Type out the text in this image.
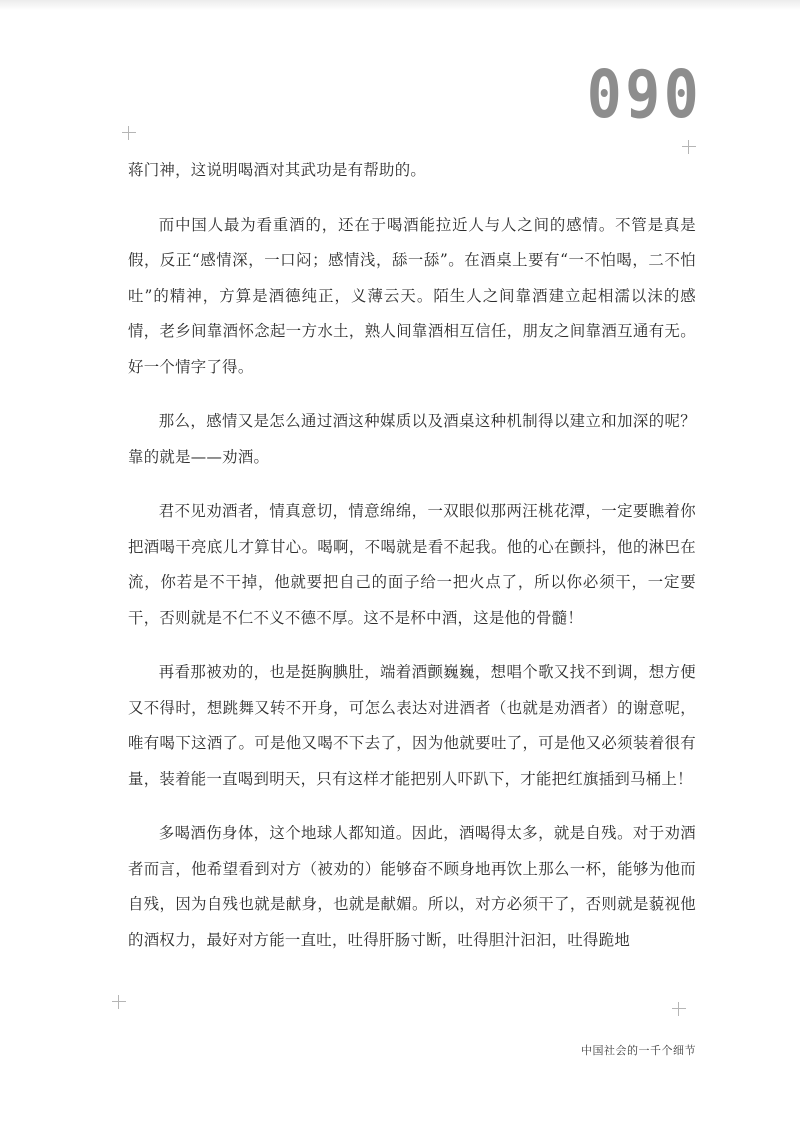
090

蒋门神，这说明喝酒对其武功是有帮助的。

而中国人最为看重酒的，还在于喝酒能拉近人与人之间的感情。不管是真是假，反正“感情深，一口闷；感情浅，舔一舔”。在酒桌上要有“一不怕喝，二不怕吐”的精神，方算是酒德纯正，义薄云天。陌生人之间靠酒建立起相濡以沫的感情，老乡间靠酒怀念起一方水土，熟人间靠酒相互信任，朋友之间靠酒互通有无。好一个情字了得。

那么，感情又是怎么通过酒这种媒质以及酒桌这种机制得以建立和加深的呢？靠的就是——劝酒。

君不见劝酒者，情真意切，情意绵绵，一双眼似那两汪桃花潭，一定要瞧着你把酒喝干亮底儿才算甘心。喝啊，不喝就是看不起我。他的心在颤抖，他的淋巴在流，你若是不干掉，他就要把自己的面子给一把火点了，所以你必须干，一定要干，否则就是不仁不义不德不厚。这不是杯中酒，这是他的骨髓！

再看那被劝的，也是挺胸腆肚，端着酒颤巍巍，想唱个歌又找不到调，想方便又不得时，想跳舞又转不开身，可怎么表达对进酒者（也就是劝酒者）的谢意呢，唯有喝下这酒了。可是他又喝不下去了，因为他就要吐了，可是他又必须装着很有量，装着能一直喝到明天，只有这样才能把别人吓趴下，才能把红旗插到马桶上！

多喝酒伤身体，这个地球人都知道。因此，酒喝得太多，就是自残。对于劝酒者而言，他希望看到对方（被劝的）能够奋不顾身地再饮上那么一杯，能够为他而自残，因为自残也就是献身，也就是献媚。所以，对方必须干了，否则就是藐视他的酒权力，最好对方能一直吐，吐得肝肠寸断，吐得胆汁汩汩，吐得跪地

中国社会的一千个细节
